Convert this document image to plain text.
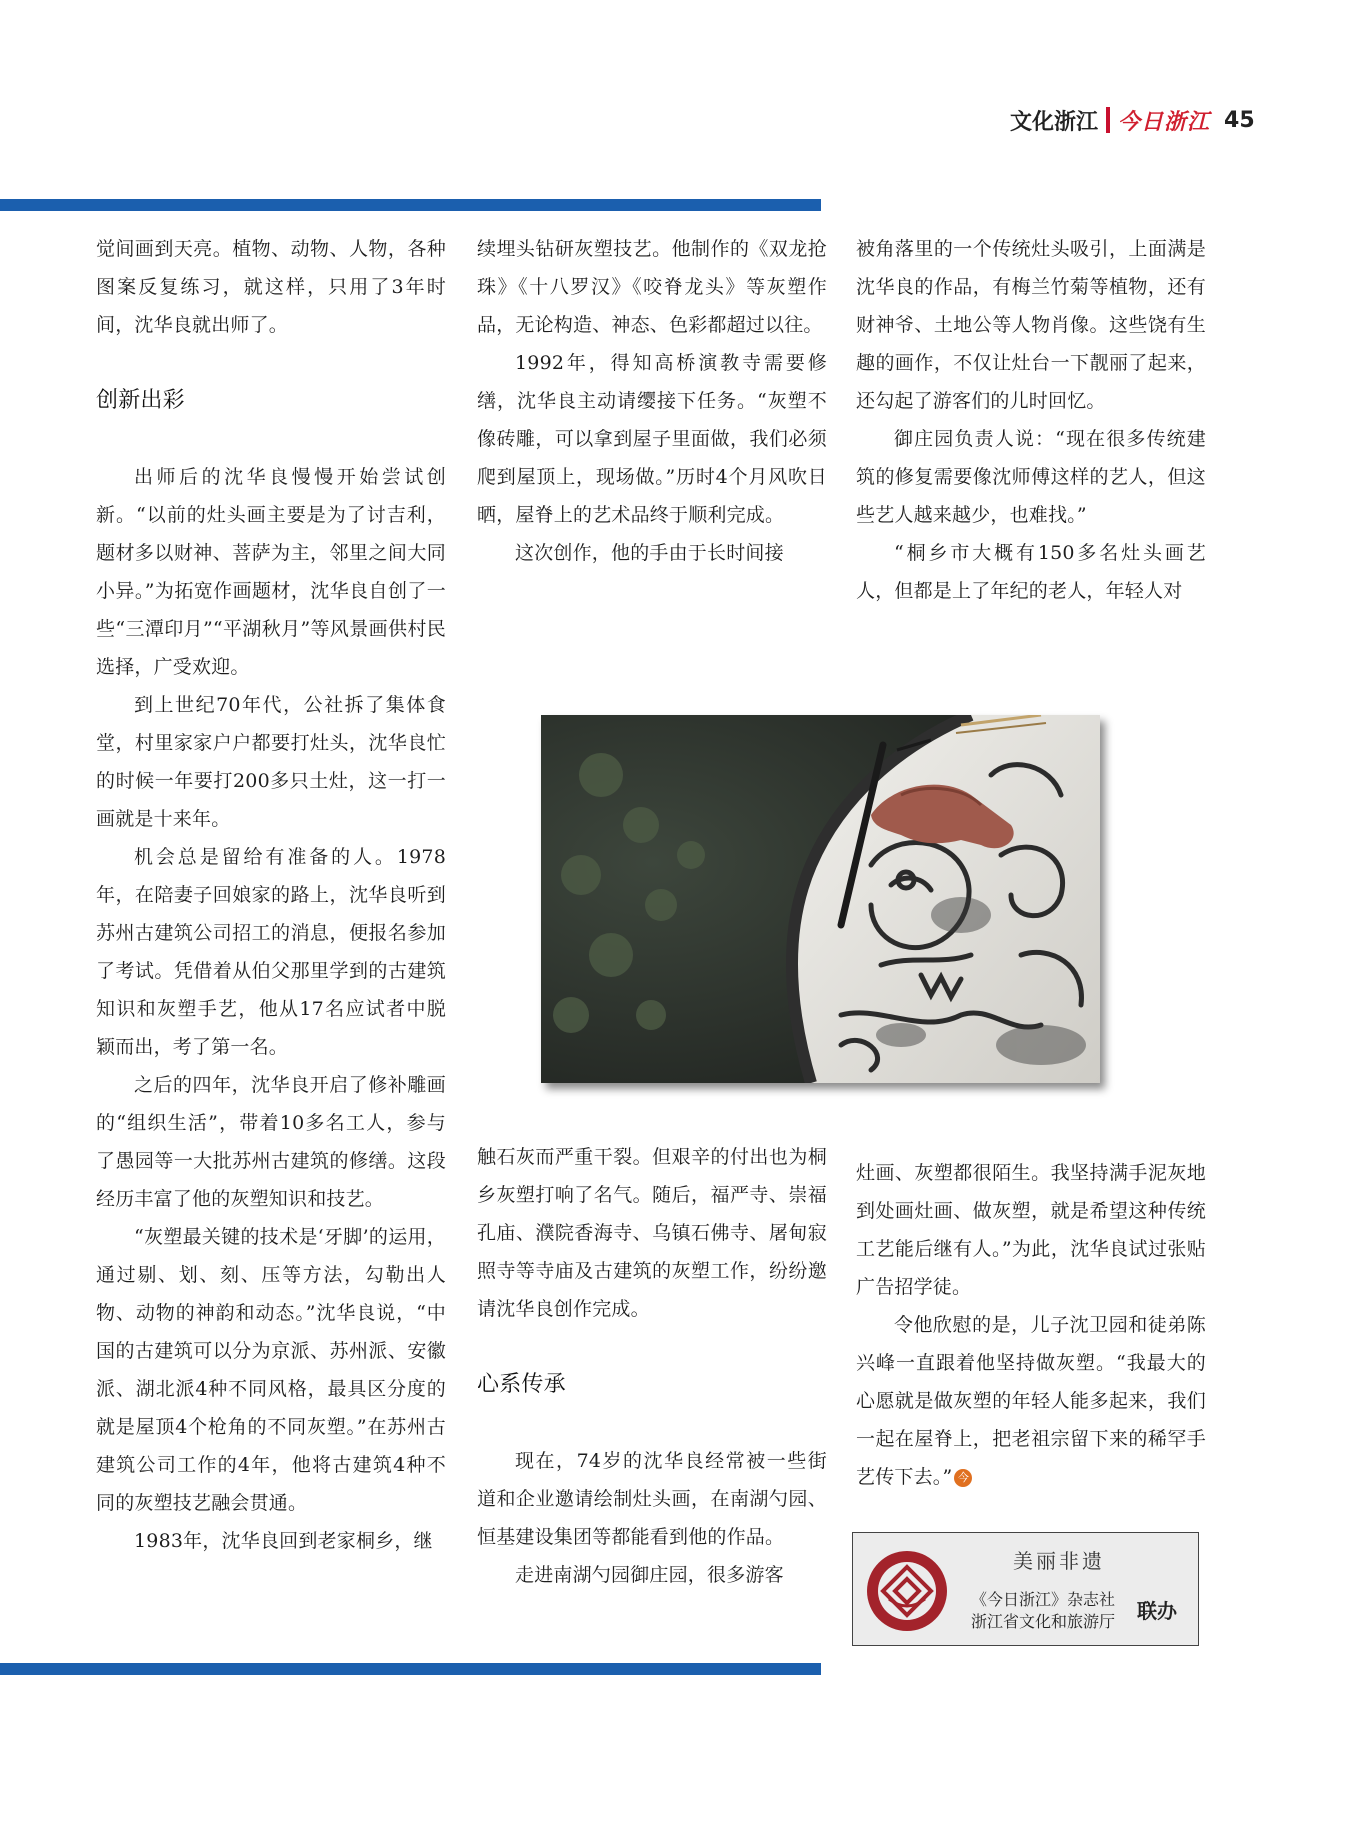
文化浙江 今日浙江 45

觉间画到天亮。植物、动物、人物，各种图案反复练习，就这样，只用了3年时间，沈华良就出师了。

创新出彩

出师后的沈华良慢慢开始尝试创新。“以前的灶头画主要是为了讨吉利，题材多以财神、菩萨为主，邻里之间大同小异。”为拓宽作画题材，沈华良自创了一些“三潭印月”“平湖秋月”等风景画供村民选择，广受欢迎。

到上世纪70年代，公社拆了集体食堂，村里家家户户都要打灶头，沈华良忙的时候一年要打200多只土灶，这一打一画就是十来年。

机会总是留给有准备的人。1978年，在陪妻子回娘家的路上，沈华良听到苏州古建筑公司招工的消息，便报名参加了考试。凭借着从伯父那里学到的古建筑知识和灰塑手艺，他从17名应试者中脱颖而出，考了第一名。

之后的四年，沈华良开启了修补雕画的“组织生活”，带着10多名工人，参与了愚园等一大批苏州古建筑的修缮。这段经历丰富了他的灰塑知识和技艺。

“灰塑最关键的技术是‘牙脚’的运用，通过剔、划、刻、压等方法，勾勒出人物、动物的神韵和动态。”沈华良说，“中国的古建筑可以分为京派、苏州派、安徽派、湖北派4种不同风格，最具区分度的就是屋顶4个枪角的不同灰塑。”在苏州古建筑公司工作的4年，他将古建筑4种不同的灰塑技艺融会贯通。

1983年，沈华良回到老家桐乡，继

续埋头钻研灰塑技艺。他制作的《双龙抢珠》《十八罗汉》《咬脊龙头》等灰塑作品，无论构造、神态、色彩都超过以往。

1992年，得知高桥演教寺需要修缮，沈华良主动请缨接下任务。“灰塑不像砖雕，可以拿到屋子里面做，我们必须爬到屋顶上，现场做。”历时4个月风吹日晒，屋脊上的艺术品终于顺利完成。

这次创作，他的手由于长时间接

被角落里的一个传统灶头吸引，上面满是沈华良的作品，有梅兰竹菊等植物，还有财神爷、土地公等人物肖像。这些饶有生趣的画作，不仅让灶台一下靓丽了起来，还勾起了游客们的儿时回忆。

御庄园负责人说：“现在很多传统建筑的修复需要像沈师傅这样的艺人，但这些艺人越来越少，也难找。”

“桐乡市大概有150多名灶头画艺人，但都是上了年纪的老人，年轻人对

触石灰而严重干裂。但艰辛的付出也为桐乡灰塑打响了名气。随后，福严寺、崇福孔庙、濮院香海寺、乌镇石佛寺、屠甸寂照寺等寺庙及古建筑的灰塑工作，纷纷邀请沈华良创作完成。

心系传承

现在，74岁的沈华良经常被一些街道和企业邀请绘制灶头画，在南湖勺园、恒基建设集团等都能看到他的作品。

走进南湖勺园御庄园，很多游客

灶画、灰塑都很陌生。我坚持满手泥灰地到处画灶画、做灰塑，就是希望这种传统工艺能后继有人。”为此，沈华良试过张贴广告招学徒。

令他欣慰的是，儿子沈卫园和徒弟陈兴峰一直跟着他坚持做灰塑。“我最大的心愿就是做灰塑的年轻人能多起来，我们一起在屋脊上，把老祖宗留下来的稀罕手艺传下去。” 今

美丽非遗
《今日浙江》杂志社
浙江省文化和旅游厅 联办
